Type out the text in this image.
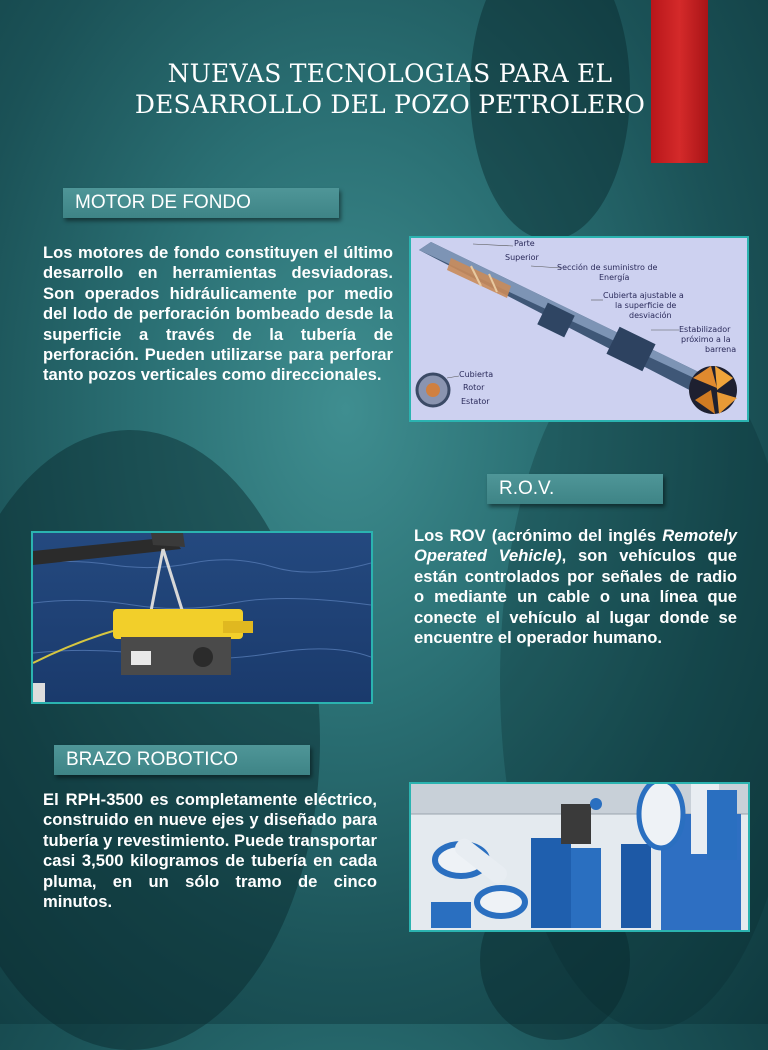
NUEVAS TECNOLOGIAS PARA EL
DESARROLLO DEL POZO PETROLERO
MOTOR DE FONDO
Los motores de fondo constituyen el último desarrollo en herramientas desviadoras. Son operados hidráulicamente por medio del lodo de perforación bombeado desde la superficie a través de la tubería de perforación. Pueden utilizarse para perforar tanto pozos verticales como direccionales.
Parte
Superior
Sección de suministro de
Energía
Cubierta ajustable a
la superficie de
desviación
Estabilizador
próximo a la
barrena
Cubierta
Rotor
Estator
R.O.V.
Los ROV (acrónimo del inglés Remotely Operated Vehicle), son vehículos que están controlados por señales de radio o mediante un cable o una línea que conecte el vehículo al lugar donde se encuentre el operador humano.
BRAZO ROBOTICO
El RPH-3500 es completamente eléctrico, construido en nueve ejes y diseñado para tubería y revestimiento. Puede transportar casi 3,500 kilogramos de tubería en cada pluma, en un sólo tramo de cinco minutos.
